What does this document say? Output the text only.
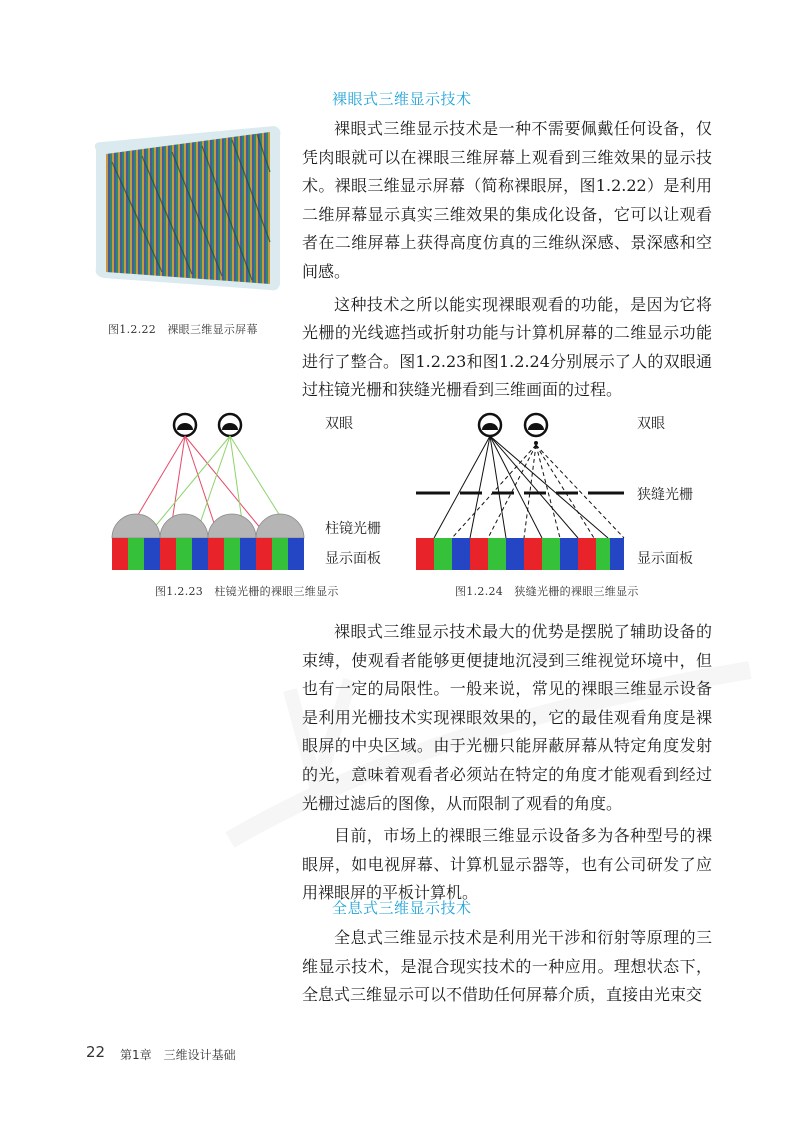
裸眼式三维显示技术
图1.2.22　裸眼三维显示屏幕

裸眼式三维显示技术是一种不需要佩戴任何设备，仅凭肉眼就可以在裸眼三维屏幕上观看到三维效果的显示技术。裸眼三维显示屏幕（简称裸眼屏，图1.2.22）是利用二维屏幕显示真实三维效果的集成化设备，它可以让观看者在二维屏幕上获得高度仿真的三维纵深感、景深感和空间感。

这种技术之所以能实现裸眼观看的功能，是因为它将光栅的光线遮挡或折射功能与计算机屏幕的二维显示功能进行了整合。图1.2.23和图1.2.24分别展示了人的双眼通过柱镜光栅和狭缝光栅看到三维画面的过程。

双眼
柱镜光栅
显示面板
图1.2.23　柱镜光栅的裸眼三维显示
双眼
狭缝光栅
显示面板
图1.2.24　狭缝光栅的裸眼三维显示

裸眼式三维显示技术最大的优势是摆脱了辅助设备的束缚，使观看者能够更便捷地沉浸到三维视觉环境中，但也有一定的局限性。一般来说，常见的裸眼三维显示设备是利用光栅技术实现裸眼效果的，它的最佳观看角度是裸眼屏的中央区域。由于光栅只能屏蔽屏幕从特定角度发射的光，意味着观看者必须站在特定的角度才能观看到经过光栅过滤后的图像，从而限制了观看的角度。

目前，市场上的裸眼三维显示设备多为各种型号的裸眼屏，如电视屏幕、计算机显示器等，也有公司研发了应用裸眼屏的平板计算机。

全息式三维显示技术

全息式三维显示技术是利用光干涉和衍射等原理的三维显示技术，是混合现实技术的一种应用。理想状态下，全息式三维显示可以不借助任何屏幕介质，直接由光束交

22 第1章　三维设计基础
